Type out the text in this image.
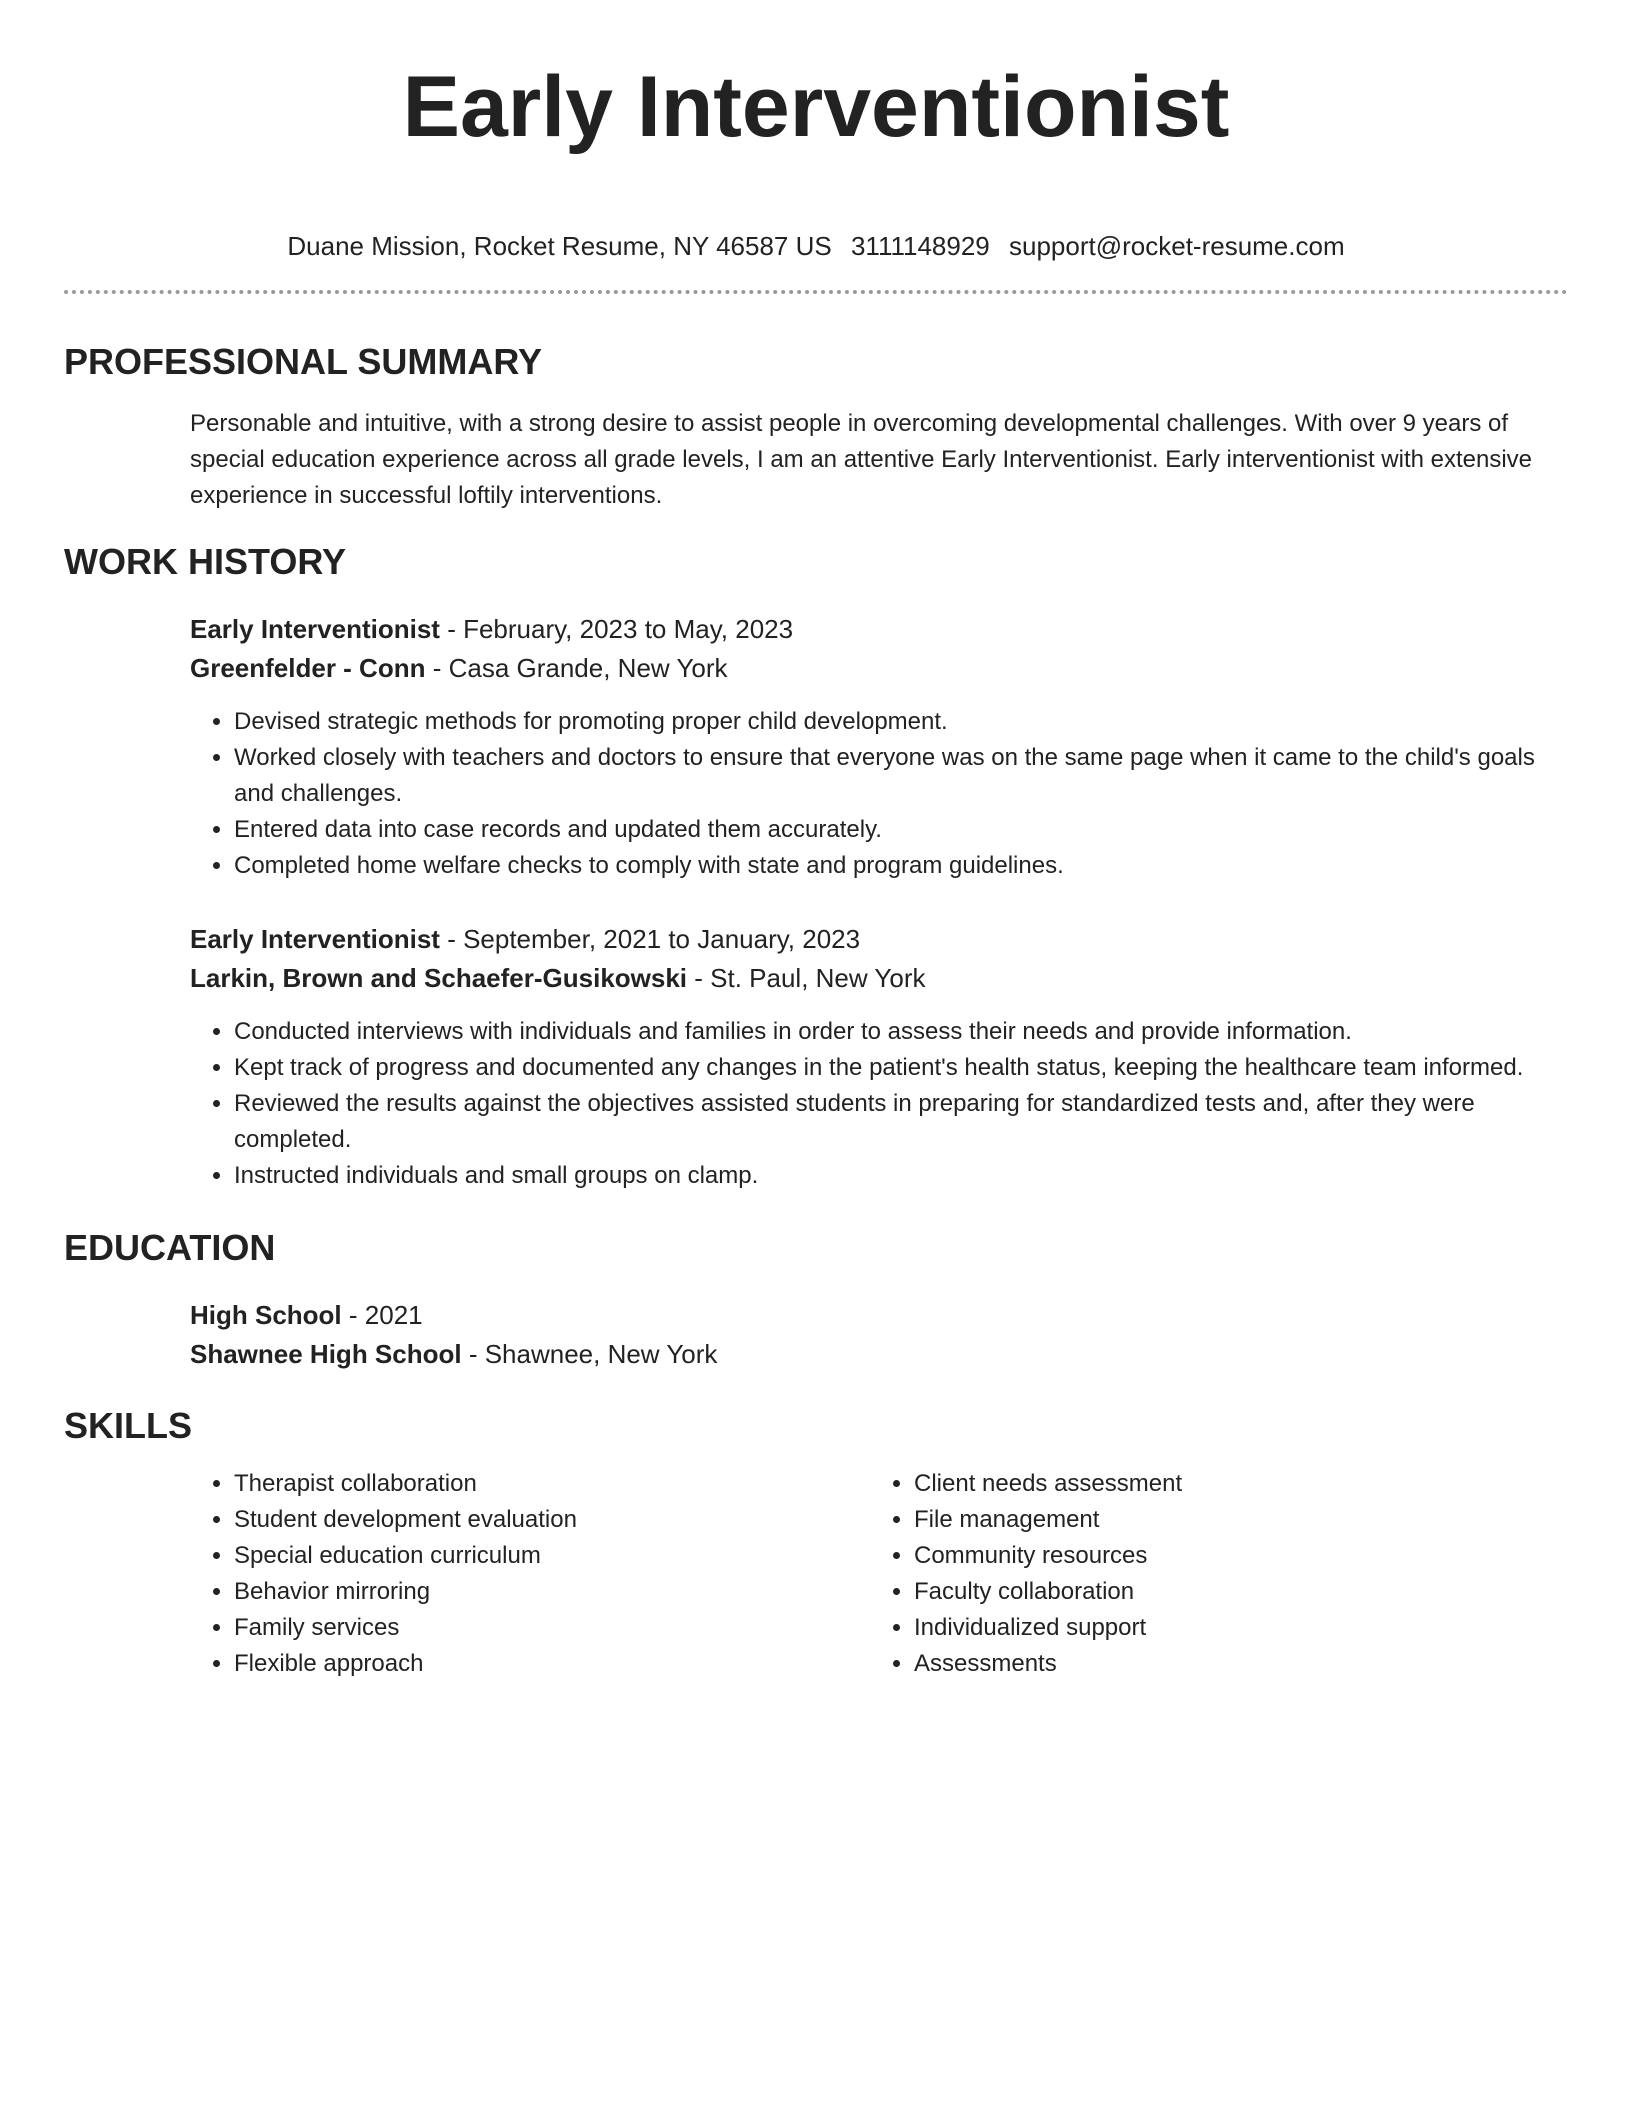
Early Interventionist
Duane Mission, Rocket Resume, NY 46587 US 3111148929 support@rocket-resume.com
PROFESSIONAL SUMMARY
Personable and intuitive, with a strong desire to assist people in overcoming developmental challenges. With over 9 years of special education experience across all grade levels, I am an attentive Early Interventionist. Early interventionist with extensive experience in successful loftily interventions.
WORK HISTORY
Early Interventionist - February, 2023 to May, 2023
Greenfelder - Conn - Casa Grande, New York
• Devised strategic methods for promoting proper child development.
• Worked closely with teachers and doctors to ensure that everyone was on the same page when it came to the child's goals and challenges.
• Entered data into case records and updated them accurately.
• Completed home welfare checks to comply with state and program guidelines.
Early Interventionist - September, 2021 to January, 2023
Larkin, Brown and Schaefer-Gusikowski - St. Paul, New York
• Conducted interviews with individuals and families in order to assess their needs and provide information.
• Kept track of progress and documented any changes in the patient's health status, keeping the healthcare team informed.
• Reviewed the results against the objectives assisted students in preparing for standardized tests and, after they were completed.
• Instructed individuals and small groups on clamp.
EDUCATION
High School - 2021
Shawnee High School - Shawnee, New York
SKILLS
• Therapist collaboration
• Student development evaluation
• Special education curriculum
• Behavior mirroring
• Family services
• Flexible approach
• Client needs assessment
• File management
• Community resources
• Faculty collaboration
• Individualized support
• Assessments
